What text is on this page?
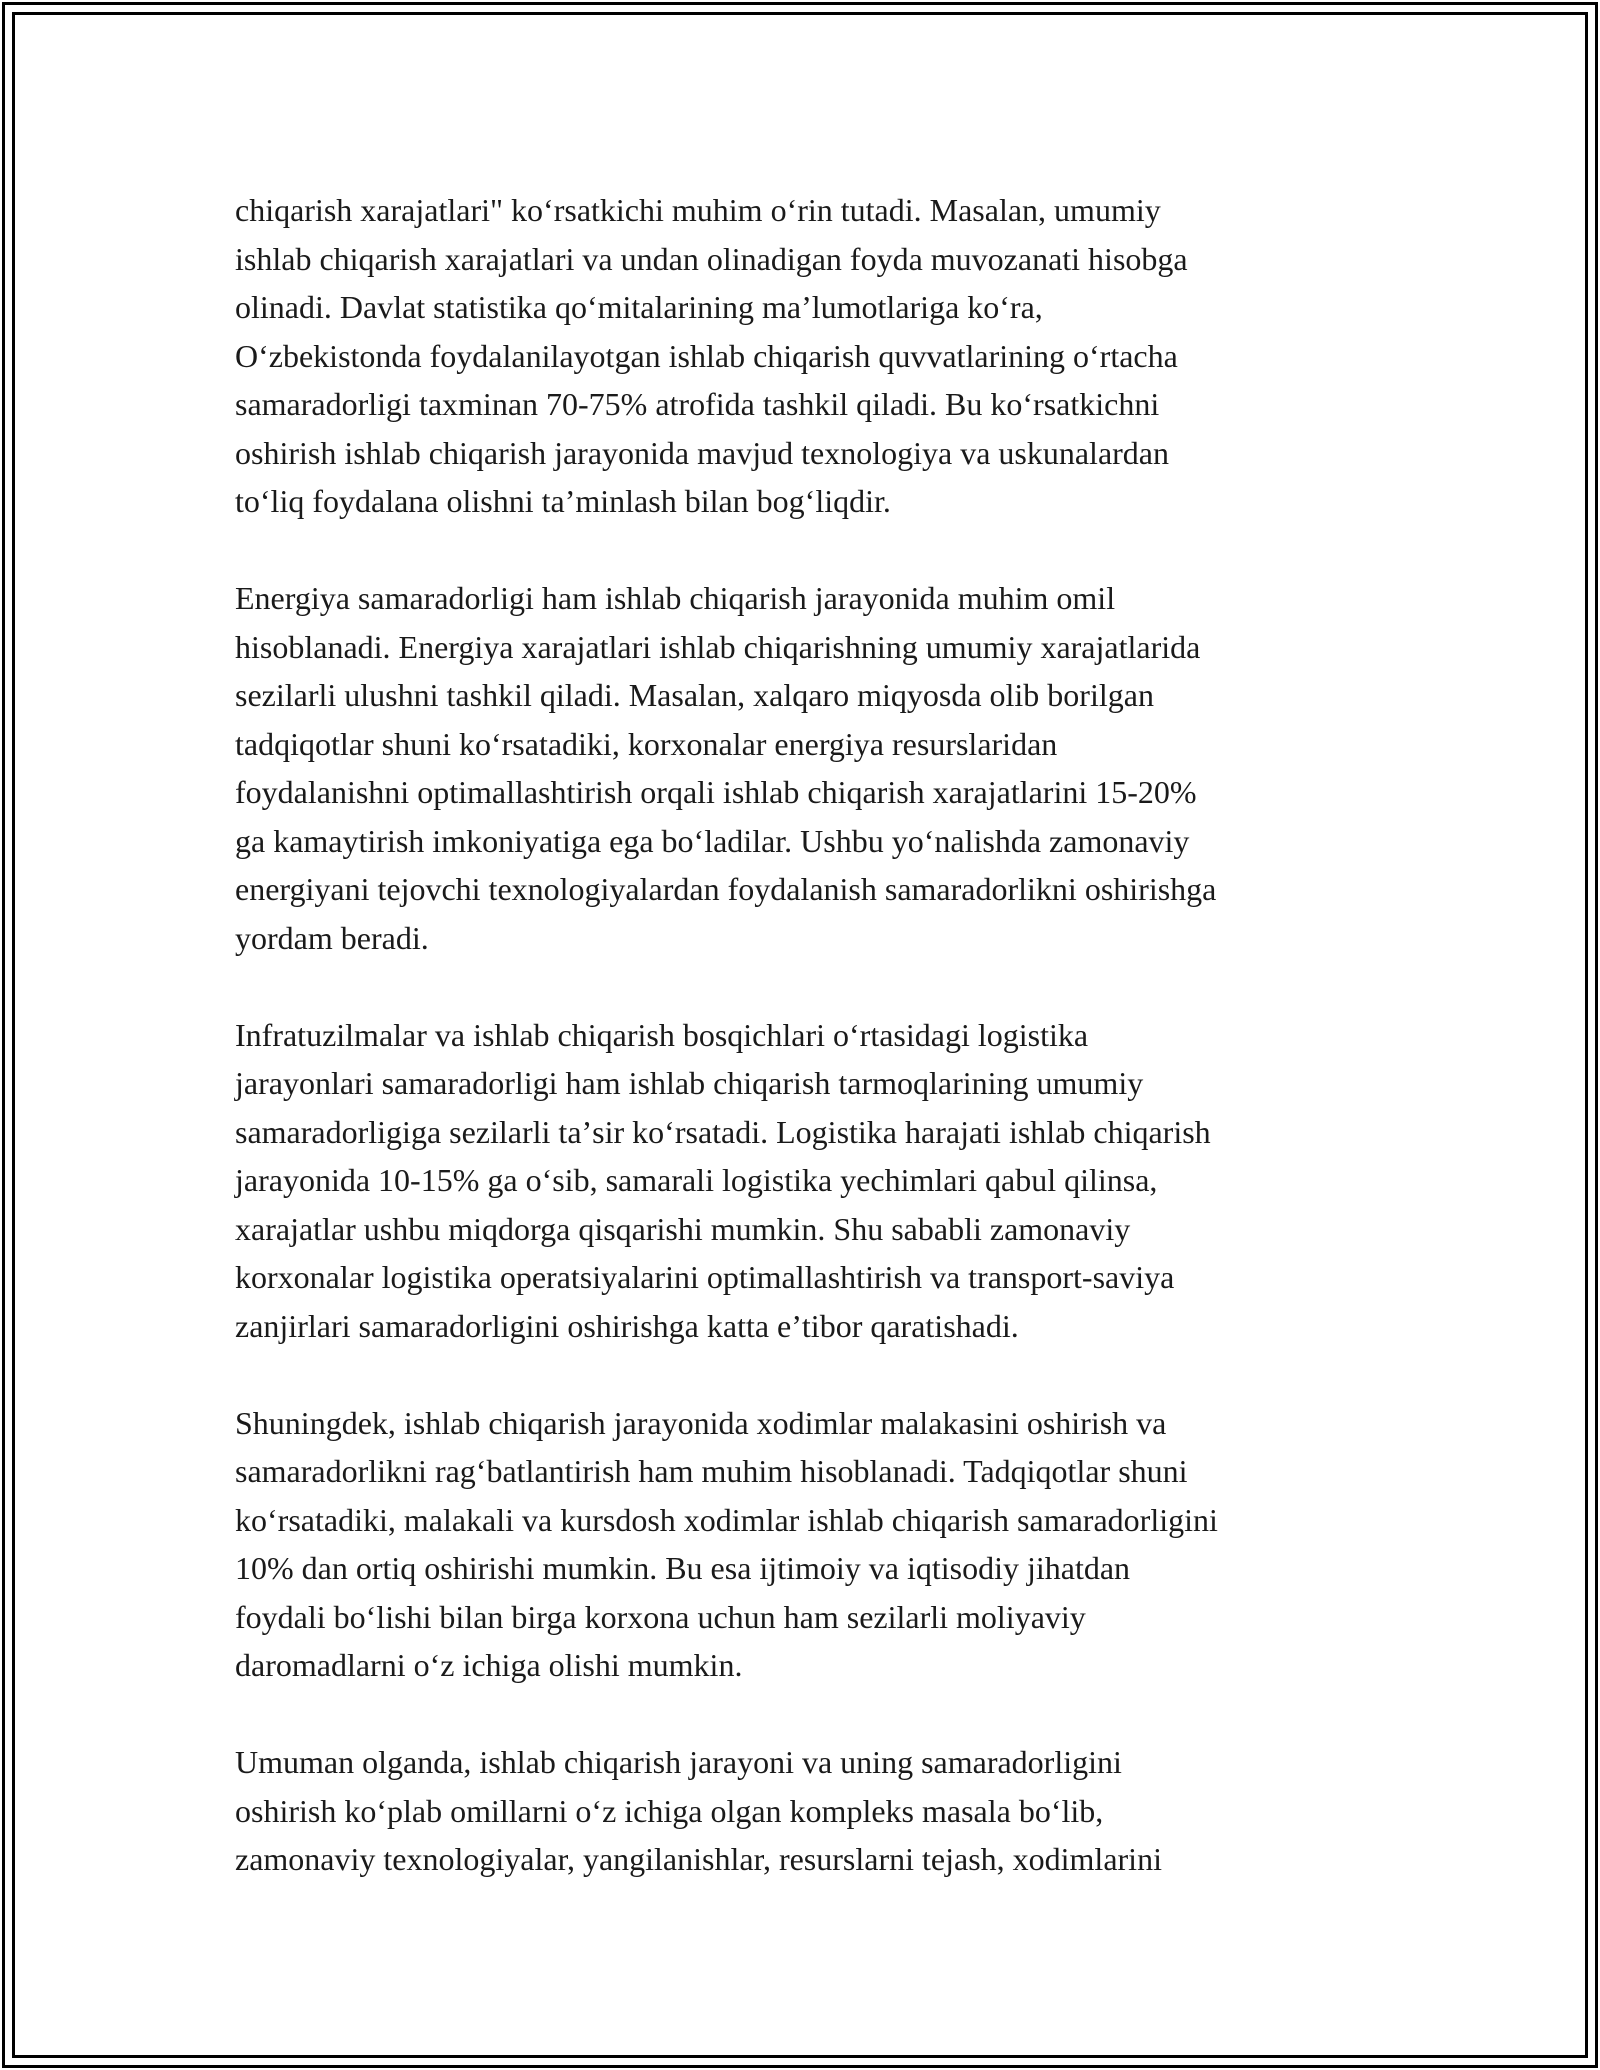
chiqarish xarajatlari" koʻrsatkichi muhim oʻrin tutadi. Masalan, umumiy
ishlab chiqarish xarajatlari va undan olinadigan foyda muvozanati hisobga
olinadi. Davlat statistika qoʻmitalarining maʼlumotlariga koʻra,
Oʻzbekistonda foydalanilayotgan ishlab chiqarish quvvatlarining oʻrtacha
samaradorligi taxminan 70-75% atrofida tashkil qiladi. Bu koʻrsatkichni
oshirish ishlab chiqarish jarayonida mavjud texnologiya va uskunalardan
toʻliq foydalana olishni taʼminlash bilan bogʻliqdir.

Energiya samaradorligi ham ishlab chiqarish jarayonida muhim omil
hisoblanadi. Energiya xarajatlari ishlab chiqarishning umumiy xarajatlarida
sezilarli ulushni tashkil qiladi. Masalan, xalqaro miqyosda olib borilgan
tadqiqotlar shuni koʻrsatadiki, korxonalar energiya resurslaridan
foydalanishni optimallashtirish orqali ishlab chiqarish xarajatlarini 15-20%
ga kamaytirish imkoniyatiga ega boʻladilar. Ushbu yoʻnalishda zamonaviy
energiyani tejovchi texnologiyalardan foydalanish samaradorlikni oshirishga
yordam beradi.

Infratuzilmalar va ishlab chiqarish bosqichlari oʻrtasidagi logistika
jarayonlari samaradorligi ham ishlab chiqarish tarmoqlarining umumiy
samaradorligiga sezilarli taʼsir koʻrsatadi. Logistika harajati ishlab chiqarish
jarayonida 10-15% ga oʻsib, samarali logistika yechimlari qabul qilinsa,
xarajatlar ushbu miqdorga qisqarishi mumkin. Shu sababli zamonaviy
korxonalar logistika operatsiyalarini optimallashtirish va transport-saviya
zanjirlari samaradorligini oshirishga katta eʼtibor qaratishadi.

Shuningdek, ishlab chiqarish jarayonida xodimlar malakasini oshirish va
samaradorlikni ragʻbatlantirish ham muhim hisoblanadi. Tadqiqotlar shuni
koʻrsatadiki, malakali va kursdosh xodimlar ishlab chiqarish samaradorligini
10% dan ortiq oshirishi mumkin. Bu esa ijtimoiy va iqtisodiy jihatdan
foydali boʻlishi bilan birga korxona uchun ham sezilarli moliyaviy
daromadlarni oʻz ichiga olishi mumkin.

Umuman olganda, ishlab chiqarish jarayoni va uning samaradorligini
oshirish koʻplab omillarni oʻz ichiga olgan kompleks masala boʻlib,
zamonaviy texnologiyalar, yangilanishlar, resurslarni tejash, xodimlarini
